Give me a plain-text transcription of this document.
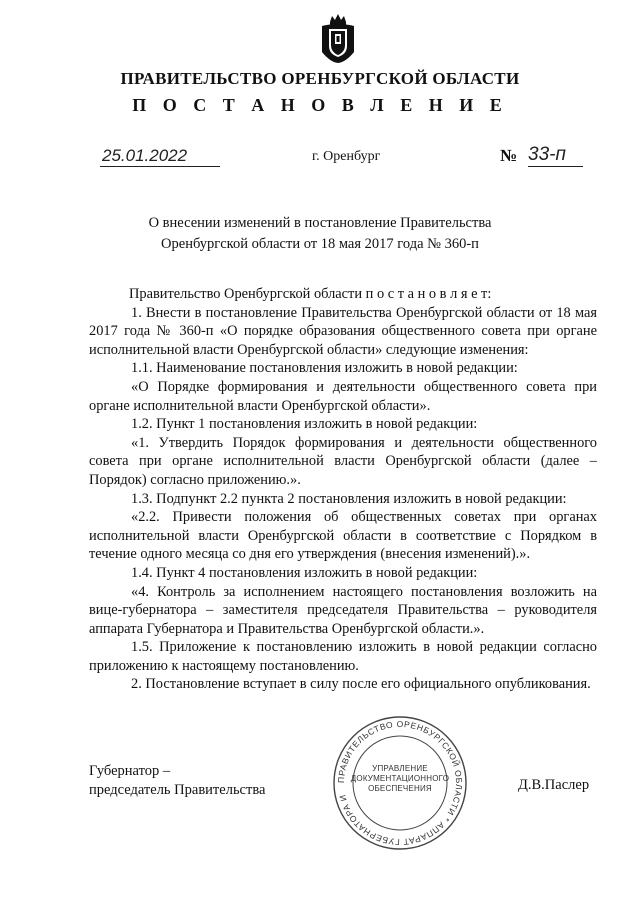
ПРАВИТЕЛЬСТВО ОРЕНБУРГСКОЙ ОБЛАСТИ
П О С Т А Н О В Л Е Н И Е
25.01.2022	г. Оренбург	№ 33-п
О внесении изменений в постановление Правительства
Оренбургской области от 18 мая 2017 года № 360-п

Правительство Оренбургской области п о с т а н о в л я е т:

1. Внести в постановление Правительства Оренбургской области от 18 мая 2017 года № 360-п «О порядке образования общественного совета при органе исполнительной власти Оренбургской области» следующие изменения:

1.1. Наименование постановления изложить в новой редакции:

«О Порядке формирования и деятельности общественного совета при органе исполнительной власти Оренбургской области».

1.2. Пункт 1 постановления изложить в новой редакции:

«1. Утвердить Порядок формирования и деятельности общественного совета при органе исполнительной власти Оренбургской области (далее – Порядок) согласно приложению.».

1.3. Подпункт 2.2 пункта 2 постановления изложить в новой редакции:

«2.2. Привести положения об общественных советах при органах исполнительной власти Оренбургской области в соответствие с Порядком в течение одного месяца со дня его утверждения (внесения изменений).».

1.4. Пункт 4 постановления изложить в новой редакции:

«4. Контроль за исполнением настоящего постановления возложить на вице-губернатора – заместителя председателя Правительства – руководителя аппарата Губернатора и Правительства Оренбургской области.».

1.5. Приложение к постановлению изложить в новой редакции согласно приложению к настоящему постановлению.

2. Постановление вступает в силу после его официального опубликования.

Губернатор –
председатель Правительства
ПРАВИТЕЛЬСТВО ОРЕНБУРГСКОЙ ОБЛАСТИ * АППАРАТ ГУБЕРНАТОРА И
УПРАВЛЕНИЕ
ДОКУМЕНТАЦИОННОГО
ОБЕСПЕЧЕНИЯ	Д.В.Паслер
